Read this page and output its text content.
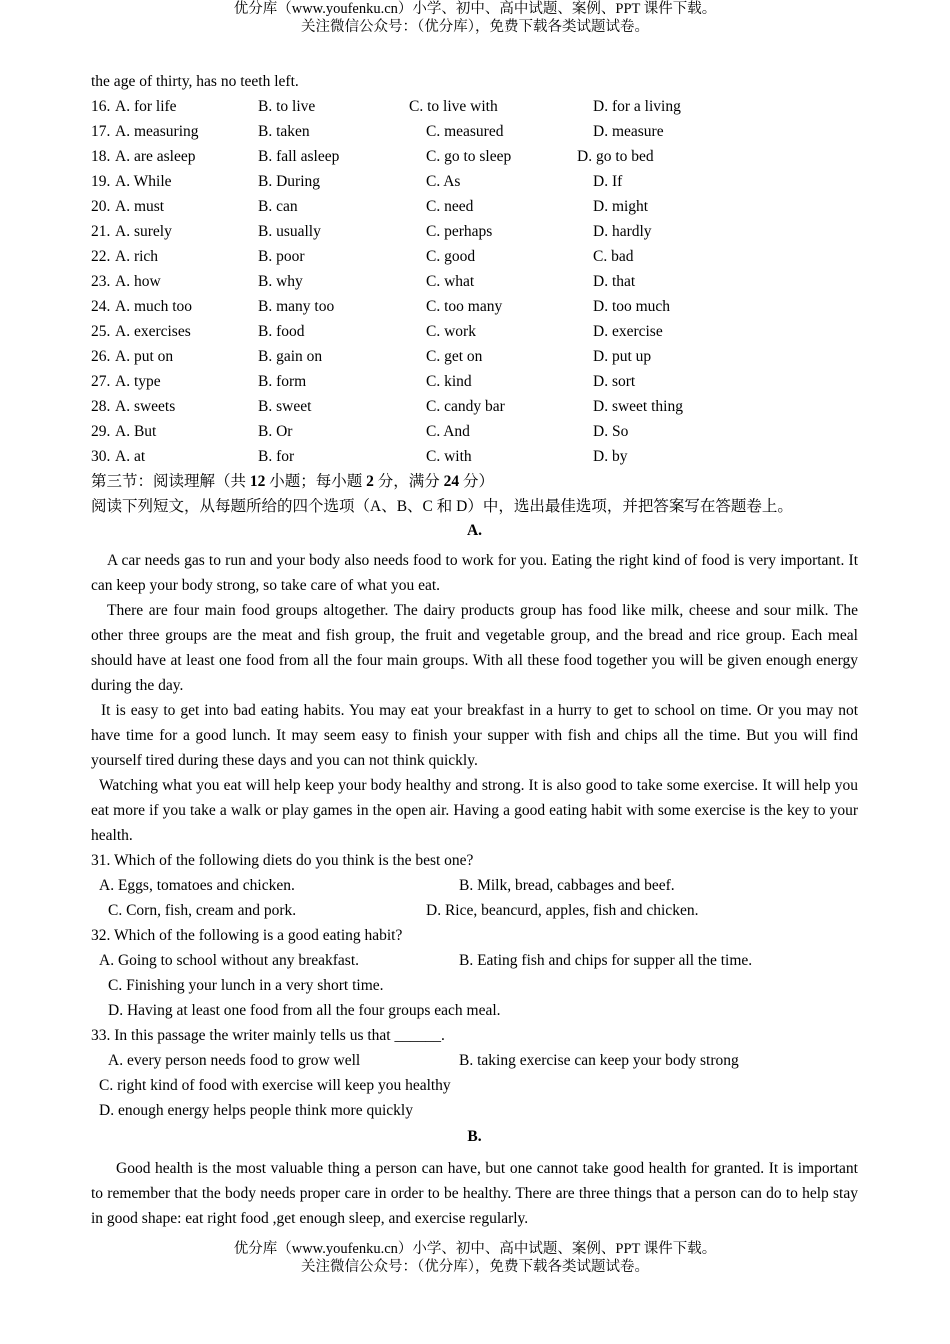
优分库（www.youfenku.cn）小学、初中、高中试题、案例、PPT 课件下载。
关注微信公众号：（优分库），免费下载各类试题试卷。
the age of thirty, has no teeth left.
16. A. for life	B. to live	C. to live with	D. for a living
17. A. measuring	B. taken	C. measured	D. measure
18. A. are asleep	B. fall asleep	C. go to sleep	D. go to bed
19. A. While	B. During	C. As	D. If
20. A. must	B. can	C. need	D. might
21. A. surely	B. usually	C. perhaps	D. hardly
22. A. rich	B. poor	C. good	C. bad
23. A. how	B. why	C. what	D. that
24. A. much too	B. many too	C. too many	D. too much
25. A. exercises	B. food	C. work	D. exercise
26. A. put on	B. gain on	C. get on	D. put up
27. A. type	B. form	C. kind	D. sort
28. A. sweets	B. sweet	C. candy bar	D. sweet thing
29. A. But	B. Or	C. And	D. So
30. A. at	B. for	C. with	D. by
第三节：阅读理解（共 12 小题；每小题 2 分，满分 24 分）
阅读下列短文，从每题所给的四个选项（A、B、C 和 D）中，选出最佳选项，并把答案写在答题卷上。
A.

A car needs gas to run and your body also needs food to work for you. Eating the right kind of food is very important. It can keep your body strong, so take care of what you eat.

There are four main food groups altogether. The dairy products group has food like milk, cheese and sour milk. The other three groups are the meat and fish group, the fruit and vegetable group, and the bread and rice group. Each meal should have at least one food from all the four main groups. With all these food together you will be given enough energy during the day.

It is easy to get into bad eating habits. You may eat your breakfast in a hurry to get to school on time. Or you may not have time for a good lunch. It may seem easy to finish your supper with fish and chips all the time. But you will find yourself tired during these days and you can not think quickly.

Watching what you eat will help keep your body healthy and strong. It is also good to take some exercise. It will help you eat more if you take a walk or play games in the open air. Having a good eating habit with some exercise is the key to your health.

31. Which of the following diets do you think is the best one?
A. Eggs, tomatoes and chicken.	B. Milk, bread, cabbages and beef.
C. Corn, fish, cream and pork.	D. Rice, beancurd, apples, fish and chicken.
32. Which of the following is a good eating habit?
A. Going to school without any breakfast.	B. Eating fish and chips for supper all the time.
C. Finishing your lunch in a very short time.
D. Having at least one food from all the four groups each meal.
33. In this passage the writer mainly tells us that ______.
A. every person needs food to grow well	B. taking exercise can keep your body strong
C. right kind of food with exercise will keep you healthy
D. enough energy helps people think more quickly
B.

Good health is the most valuable thing a person can have, but one cannot take good health for granted. It is important to remember that the body needs proper care in order to be healthy. There are three things that a person can do to help stay in good shape: eat right food ,get enough sleep, and exercise regularly.

优分库（www.youfenku.cn）小学、初中、高中试题、案例、PPT 课件下载。
关注微信公众号：（优分库），免费下载各类试题试卷。
